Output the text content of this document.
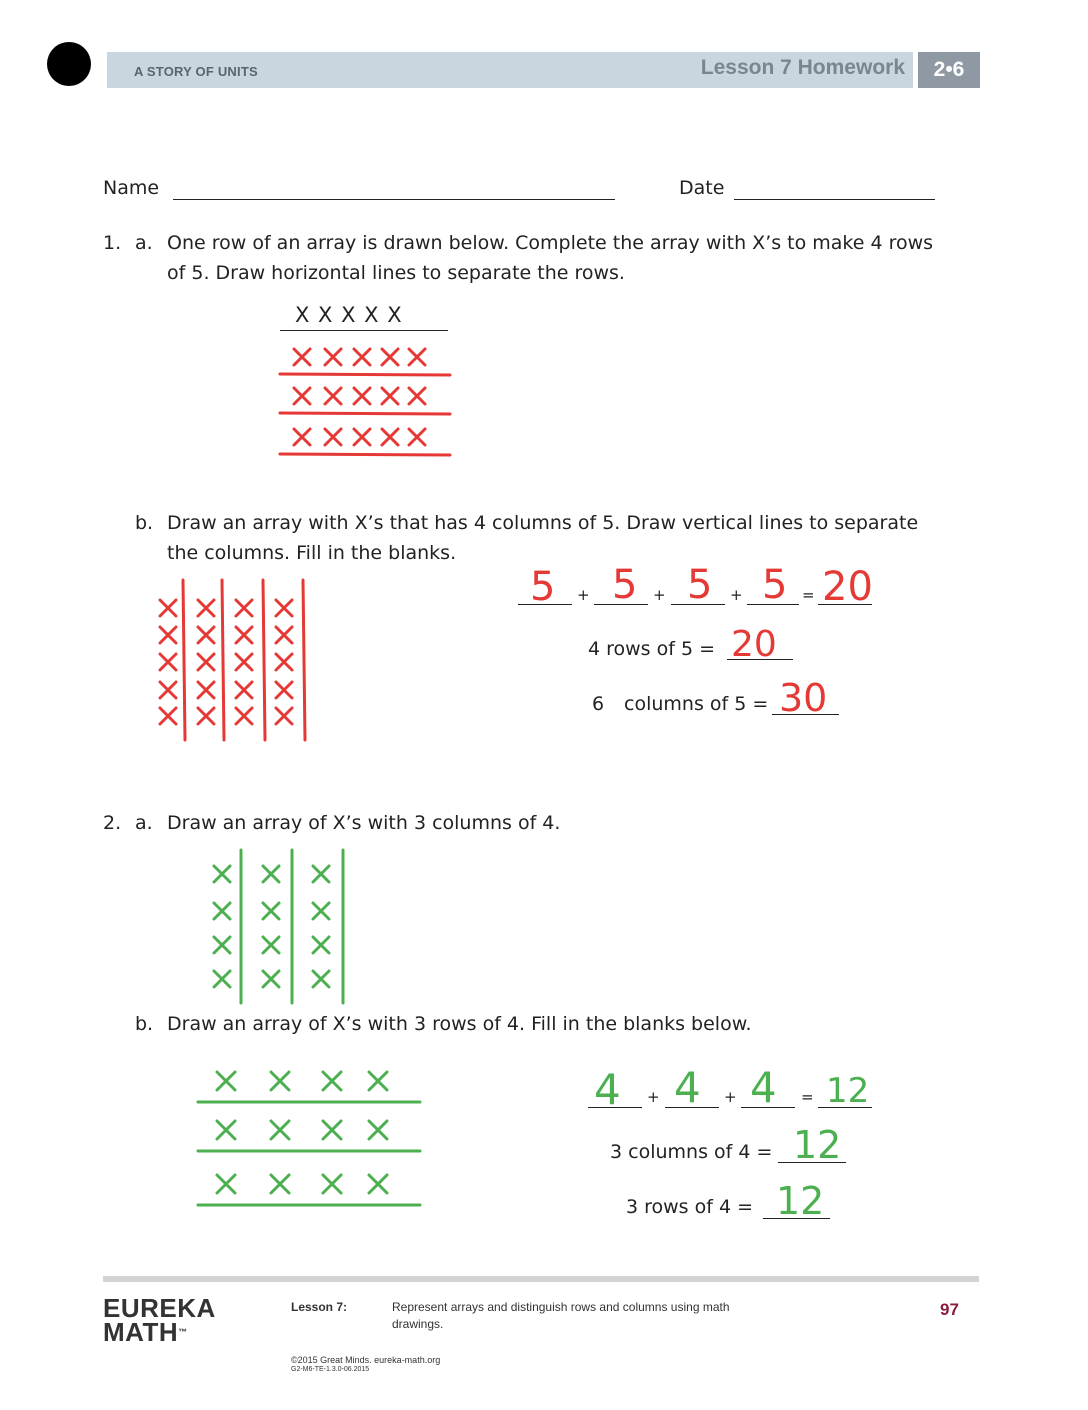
A STORY OF UNITS	Lesson 7 Homework	2•6
Name	Date
1. a. One row of an array is drawn below. Complete the array with X’s to make 4 rows
of 5. Draw horizontal lines to separate the rows.
X X X X X
b. Draw an array with X’s that has 4 columns of 5. Draw vertical lines to separate
the columns. Fill in the blanks.
+	+	+	=
4 rows of 5 =
6 columns of 5 =
2. a. Draw an array of X’s with 3 columns of 4.
b. Draw an array of X’s with 3 rows of 4. Fill in the blanks below.
+	+	=
3 columns of 4 =
3 rows of 4 =
5 5 5 5 20
20
30
4 4 4 12
12
12
EUREKA
MATH™
Lesson 7:	Represent arrays and distinguish rows and columns using math
drawings.
97
©2015 Great Minds. eureka-math.org
G2-M6-TE-1.3.0-06.2015
